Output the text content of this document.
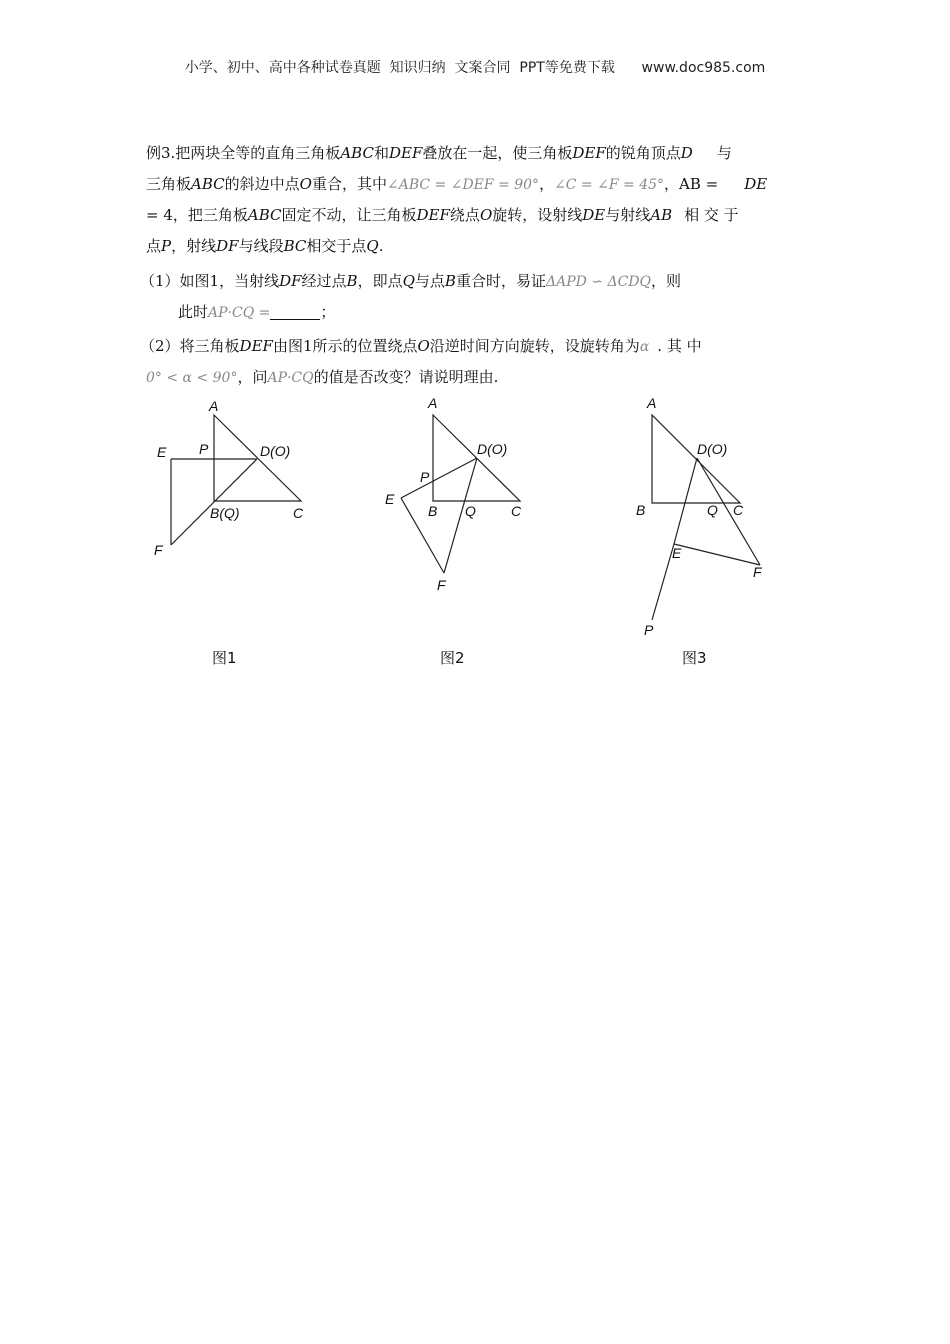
小学、初中、高中各种试卷真题  知识归纳  文案合同  PPT等免费下载      www.doc985.com
例3.把两块全等的直角三角板ABC和DEF叠放在一起，使三角板DEF的锐角顶点D 与
三角板ABC的斜边中点O重合，其中∠ABC = ∠DEF = 90°，∠C = ∠F = 45°，AB = DE
= 4，把三角板ABC固定不动，让三角板DEF绕点O旋转，设射线DE与射线AB 相 交 于
点P，射线DF与线段BC相交于点Q.
（1）如图1，当射线DF经过点B，即点Q与点B重合时，易证ΔAPD ∽ ΔCDQ，则
此时AP·CQ =	；
（2）将三角板DEF由图1所示的位置绕点O沿逆时间方向旋转，设旋转角为α . 其 中
0° < α < 90°，问AP·CQ的值是否改变？请说明理由.
A
E P	D(O)
B(Q)	C
F
图1
A
D(O)
P
E
B Q	C
F
图2
A
D(O)
B	Q C
E
F
P
图3
